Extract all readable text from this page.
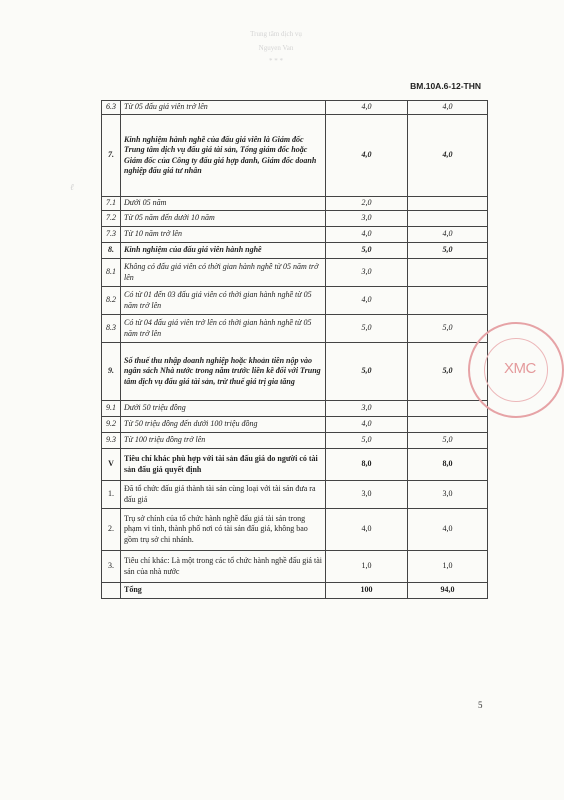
Trung tâm dịch vụ
Nguyen Van
* * *
BM.10A.6-12-THN
ℓ
6.3	Từ 05 đấu giá viên trở lên	4,0	4,0
7.	Kinh nghiệm hành nghề của đấu giá viên là Giám đốc Trung tâm dịch vụ đấu giá tài sản, Tổng giám đốc hoặc Giám đốc của Công ty đấu giá hợp danh, Giám đốc doanh nghiệp đấu giá tư nhân	4,0	4,0
7.1	Dưới 05 năm	2,0	
7.2	Từ 05 năm đến dưới 10 năm	3,0	
7.3	Từ 10 năm trở lên	4,0	4,0
8.	Kinh nghiệm của đấu giá viên hành nghề	5,0	5,0
8.1	Không có đấu giá viên có thời gian hành nghề từ 05 năm trở lên	3,0	
8.2	Có từ 01 đến 03 đấu giá viên có thời gian hành nghề từ 05 năm trở lên	4,0	
8.3	Có từ 04 đấu giá viên trở lên có thời gian hành nghề từ 05 năm trở lên	5,0	5,0
9.	Số thuế thu nhập doanh nghiệp hoặc khoản tiền nộp vào ngân sách Nhà nước trong năm trước liền kề đối với Trung tâm dịch vụ đấu giá tài sản, trừ thuế giá trị gia tăng	5,0	5,0
9.1	Dưới 50 triệu đồng	3,0	
9.2	Từ 50 triệu đồng đến dưới 100 triệu đồng	4,0	
9.3	Từ 100 triệu đồng trở lên	5,0	5,0
V	Tiêu chí khác phù hợp với tài sản đấu giá do người có tài sản đấu giá quyết định	8,0	8,0
1.	Đã tổ chức đấu giá thành tài sản cùng loại với tài sản đưa ra đấu giá	3,0	3,0
2.	Trụ sở chính của tổ chức hành nghề đấu giá tài sản trong phạm vi tỉnh, thành phố nơi có tài sản đấu giá, không bao gồm trụ sở chi nhánh.	4,0	4,0
3.	Tiêu chí khác: Là một trong các tổ chức hành nghề đấu giá tài sản của nhà nước	1,0	1,0
	Tổng	100	94,0
XMC
5
